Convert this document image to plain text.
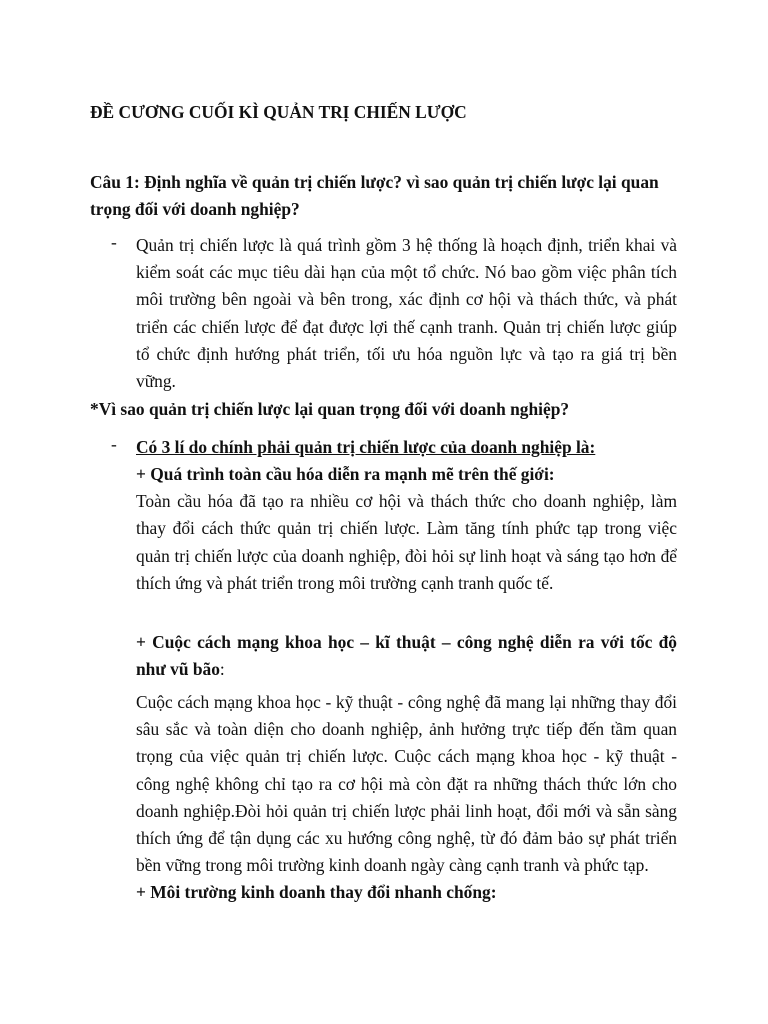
ĐỀ CƯƠNG CUỐI KÌ QUẢN TRỊ CHIẾN LƯỢC
Câu 1: Định nghĩa về quản trị chiến lược? vì sao quản trị chiến lược lại quan trọng đối với doanh nghiệp?
-	Quản trị chiến lược là quá trình gồm 3 hệ thống là hoạch định, triển khai và kiểm soát các mục tiêu dài hạn của một tổ chức. Nó bao gồm việc phân tích môi trường bên ngoài và bên trong, xác định cơ hội và thách thức, và phát triển các chiến lược để đạt được lợi thế cạnh tranh. Quản trị chiến lược giúp tổ chức định hướng phát triển, tối ưu hóa nguồn lực và tạo ra giá trị bền vững.
*Vì sao quản trị chiến lược lại quan trọng đối với doanh nghiệp?
-	Có 3 lí do chính phải quản trị chiến lược của doanh nghiệp là:
+ Quá trình toàn cầu hóa diễn ra mạnh mẽ trên thế giới:
Toàn cầu hóa đã tạo ra nhiều cơ hội và thách thức cho doanh nghiệp, làm thay đổi cách thức quản trị chiến lược. Làm tăng tính phức tạp trong việc quản trị chiến lược của doanh nghiệp, đòi hỏi sự linh hoạt và sáng tạo hơn để thích ứng và phát triển trong môi trường cạnh tranh quốc tế.
+ Cuộc cách mạng khoa học – kĩ thuật – công nghệ diễn ra với tốc độ như vũ bão:
Cuộc cách mạng khoa học - kỹ thuật - công nghệ đã mang lại những thay đổi sâu sắc và toàn diện cho doanh nghiệp, ảnh hưởng trực tiếp đến tầm quan trọng của việc quản trị chiến lược. Cuộc cách mạng khoa học - kỹ thuật - công nghệ không chỉ tạo ra cơ hội mà còn đặt ra những thách thức lớn cho doanh nghiệp.Đòi hỏi quản trị chiến lược phải linh hoạt, đổi mới và sẵn sàng thích ứng để tận dụng các xu hướng công nghệ, từ đó đảm bảo sự phát triển bền vững trong môi trường kinh doanh ngày càng cạnh tranh và phức tạp.
+ Môi trường kinh doanh thay đổi nhanh chống:
